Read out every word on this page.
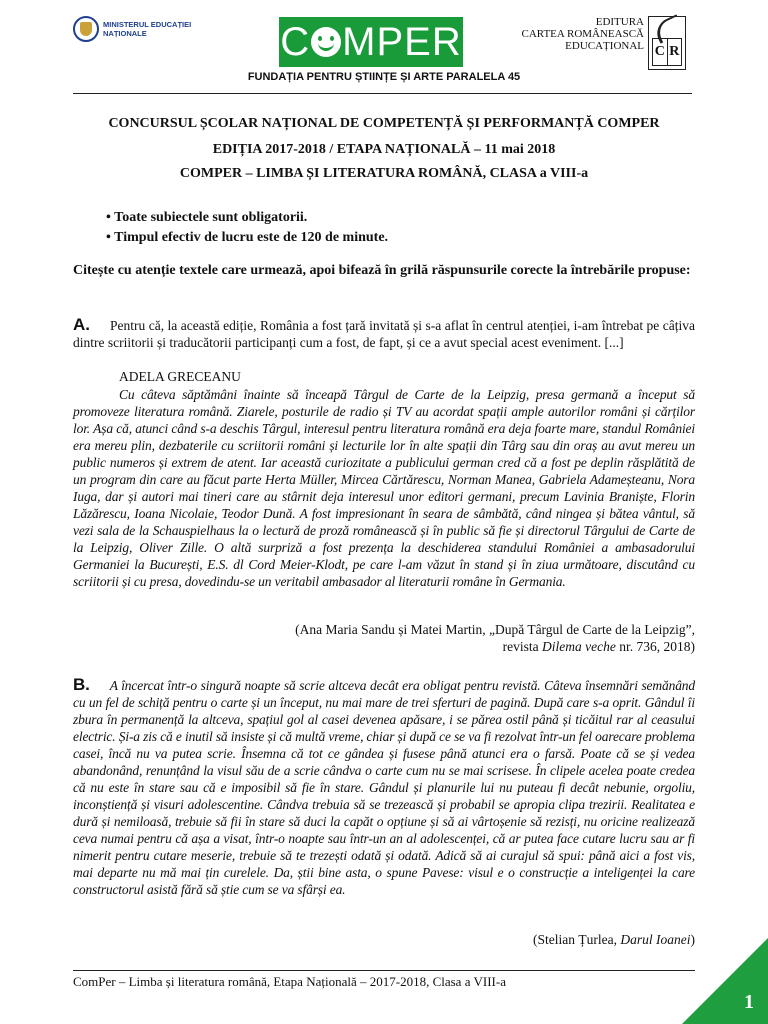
MINISTERUL EDUCAȚIEI
NAȚIONALE	C MPER	EDITURA
CARTEA ROMÂNEASCĂ
EDUCAȚIONAL C R
FUNDAȚIA PENTRU ȘTIINȚE ȘI ARTE PARALELA 45
CONCURSUL ȘCOLAR NAȚIONAL DE COMPETENȚĂ ȘI PERFORMANȚĂ COMPER
EDIȚIA 2017-2018 / ETAPA NAȚIONALĂ – 11 mai 2018
COMPER – LIMBA ȘI LITERATURA ROMÂNĂ, CLASA a VIII-a
• Toate subiectele sunt obligatorii.
• Timpul efectiv de lucru este de 120 de minute.
Citește cu atenție textele care urmează, apoi bifează în grilă răspunsurile corecte la întrebările propuse:
A. Pentru că, la această ediție, România a fost țară invitată și s-a aflat în centrul atenției, i-am întrebat pe câțiva dintre scriitorii și traducătorii participanți cum a fost, de fapt, și ce a avut special acest eveniment. [...]
ADELA GRECEANU
Cu câteva săptămâni înainte să înceapă Târgul de Carte de la Leipzig, presa germană a început să promoveze literatura română. Ziarele, posturile de radio și TV au acordat spații ample autorilor români și cărților lor. Așa că, atunci când s-a deschis Târgul, interesul pentru literatura română era deja foarte mare, standul României era mereu plin, dezbaterile cu scriitorii români și lecturile lor în alte spații din Târg sau din oraș au avut mereu un public numeros și extrem de atent. Iar această curiozitate a publicului german cred că a fost pe deplin răsplătită de un program din care au făcut parte Herta Müller, Mircea Cărtărescu, Norman Manea, Gabriela Adameșteanu, Nora Iuga, dar și autori mai tineri care au stârnit deja interesul unor editori germani, precum Lavinia Braniște, Florin Lăzărescu, Ioana Nicolaie, Teodor Dună. A fost impresionant în seara de sâmbătă, când ningea și bătea vântul, să vezi sala de la Schauspielhaus la o lectură de proză românească și în public să fie și directorul Târgului de Carte de la Leipzig, Oliver Zille. O altă surpriză a fost prezența la deschiderea standului României a ambasadorului Germaniei la București, E.S. dl Cord Meier-Klodt, pe care l-am văzut în stand și în ziua următoare, discutând cu scriitorii și cu presa, dovedindu-se un veritabil ambasador al literaturii române în Germania.
(Ana Maria Sandu și Matei Martin, „După Târgul de Carte de la Leipzig”,
revista Dilema veche nr. 736, 2018)
B. A încercat într-o singură noapte să scrie altceva decât era obligat pentru revistă. Câteva însemnări semănând cu un fel de schiță pentru o carte și un început, nu mai mare de trei sferturi de pagină. După care s-a oprit. Gândul îi zbura în permanență la altceva, spațiul gol al casei devenea apăsare, i se părea ostil până și ticăitul rar al ceasului electric. Și-a zis că e inutil să insiste și că multă vreme, chiar și după ce se va fi rezolvat într-un fel oarecare problema casei, încă nu va putea scrie. Însemna că tot ce gândea și fusese până atunci era o farsă. Poate că se și vedea abandonând, renunțând la visul său de a scrie cândva o carte cum nu se mai scrisese. În clipele acelea poate credea că nu este în stare sau că e imposibil să fie în stare. Gândul și planurile lui nu puteau fi decât nebunie, orgoliu, inconștiență și visuri adolescentine. Cândva trebuia să se trezească și probabil se apropia clipa trezirii. Realitatea e dură și nemiloasă, trebuie să fii în stare să duci la capăt o opțiune și să ai vârtoșenie să rezisți, nu oricine realizează ceva numai pentru că așa a visat, într-o noapte sau într-un an al adolescenței, că ar putea face cutare lucru sau ar fi nimerit pentru cutare meserie, trebuie să te trezești odată și odată. Adică să ai curajul să spui: până aici a fost vis, mai departe nu mă mai țin curelele. Da, știi bine asta, o spune Pavese: visul e o construcție a inteligenței la care constructorul asistă fără să știe cum se va sfârși ea.
(Stelian Țurlea, Darul Ioanei)
ComPer – Limba și literatura română, Etapa Națională – 2017-2018, Clasa a VIII-a
1
